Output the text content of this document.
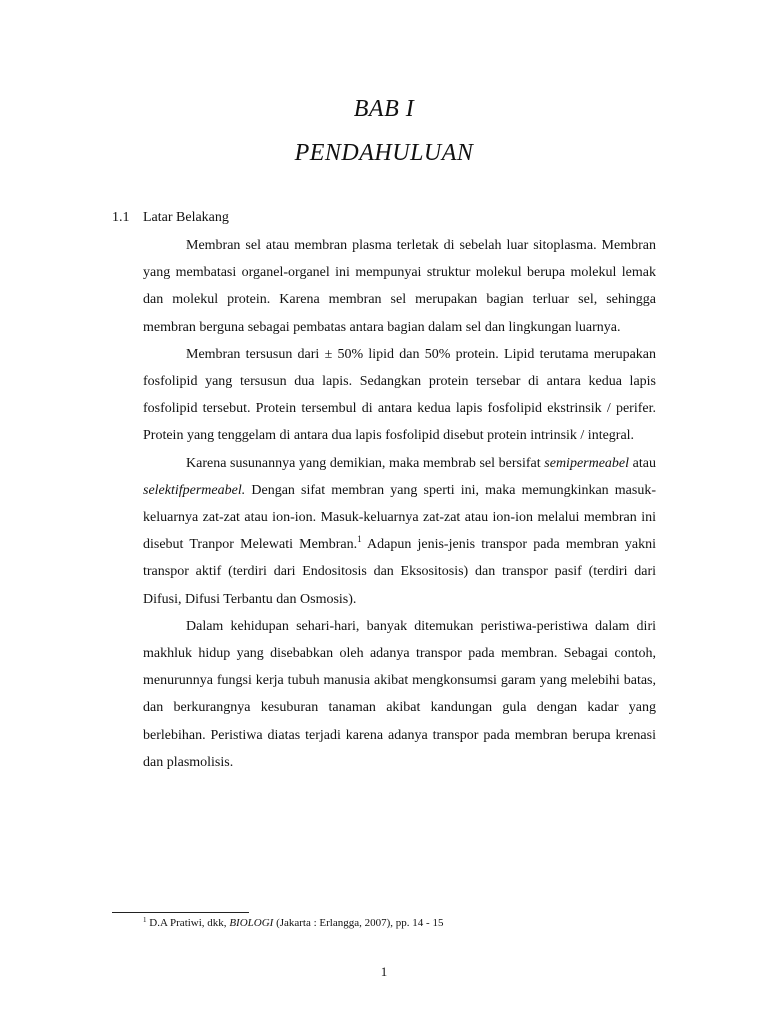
BAB I
PENDAHULUAN
1.1 Latar Belakang

Membran sel atau membran plasma terletak di sebelah luar sitoplasma. Membran yang membatasi organel-organel ini mempunyai struktur molekul berupa molekul lemak dan molekul protein. Karena membran sel merupakan bagian terluar sel, sehingga membran berguna sebagai pembatas antara bagian dalam sel dan lingkungan luarnya.

Membran tersusun dari ± 50% lipid dan 50% protein. Lipid terutama merupakan fosfolipid yang tersusun dua lapis. Sedangkan protein tersebar di antara kedua lapis fosfolipid tersebut. Protein tersembul di antara kedua lapis fosfolipid ekstrinsik / perifer. Protein yang tenggelam di antara dua lapis fosfolipid disebut protein intrinsik / integral.

Karena susunannya yang demikian, maka membrab sel bersifat semipermeabel atau selektifpermeabel. Dengan sifat membran yang sperti ini, maka memungkinkan masuk-keluarnya zat-zat atau ion-ion. Masuk-keluarnya zat-zat atau ion-ion melalui membran ini disebut Tranpor Melewati Membran.$^1$ Adapun jenis-jenis transpor pada membran yakni transpor aktif (terdiri dari Endositosis dan Eksositosis) dan transpor pasif (terdiri dari Difusi, Difusi Terbantu dan Osmosis).

Dalam kehidupan sehari-hari, banyak ditemukan peristiwa-peristiwa dalam diri makhluk hidup yang disebabkan oleh adanya transpor pada membran. Sebagai contoh, menurunnya fungsi kerja tubuh manusia akibat mengkonsumsi garam yang melebihi batas, dan berkurangnya kesuburan tanaman akibat kandungan gula dengan kadar yang berlebihan. Peristiwa diatas terjadi karena adanya transpor pada membran berupa krenasi dan plasmolisis.

$^1$ D.A Pratiwi, dkk, BIOLOGI (Jakarta : Erlangga, 2007), pp. 14 - 15
1
